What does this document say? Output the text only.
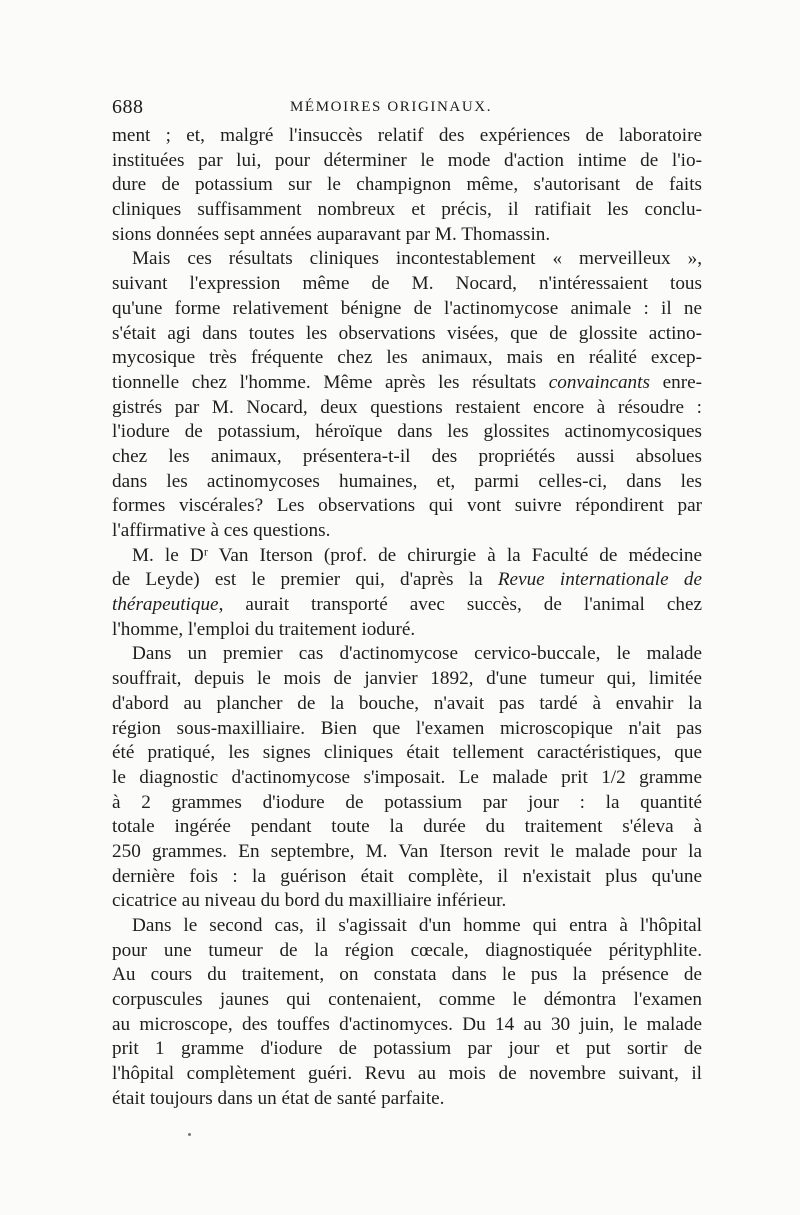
688	MÉMOIRES ORIGINAUX.
ment ; et, malgré l'insuccès relatif des expériences de laboratoire
instituées par lui, pour déterminer le mode d'action intime de l'io-
dure de potassium sur le champignon même, s'autorisant de faits
cliniques suffisamment nombreux et précis, il ratifiait les conclu-
sions données sept années auparavant par M. Thomassin.
Mais ces résultats cliniques incontestablement « merveilleux »,
suivant l'expression même de M. Nocard, n'intéressaient tous
qu'une forme relativement bénigne de l'actinomycose animale : il ne
s'était agi dans toutes les observations visées, que de glossite actino-
mycosique très fréquente chez les animaux, mais en réalité excep-
tionnelle chez l'homme. Même après les résultats convaincants enre-
gistrés par M. Nocard, deux questions restaient encore à résoudre :
l'iodure de potassium, héroïque dans les glossites actinomycosiques
chez les animaux, présentera-t-il des propriétés aussi absolues
dans les actinomycoses humaines, et, parmi celles-ci, dans les
formes viscérales? Les observations qui vont suivre répondirent par
l'affirmative à ces questions.
M. le Dʳ Van Iterson (prof. de chirurgie à la Faculté de médecine
de Leyde) est le premier qui, d'après la Revue internationale de
thérapeutique, aurait transporté avec succès, de l'animal chez
l'homme, l'emploi du traitement ioduré.
Dans un premier cas d'actinomycose cervico-buccale, le malade
souffrait, depuis le mois de janvier 1892, d'une tumeur qui, limitée
d'abord au plancher de la bouche, n'avait pas tardé à envahir la
région sous-maxilliaire. Bien que l'examen microscopique n'ait pas
été pratiqué, les signes cliniques était tellement caractéristiques, que
le diagnostic d'actinomycose s'imposait. Le malade prit 1/2 gramme
à 2 grammes d'iodure de potassium par jour : la quantité
totale ingérée pendant toute la durée du traitement s'éleva à
250 grammes. En septembre, M. Van Iterson revit le malade pour la
dernière fois : la guérison était complète, il n'existait plus qu'une
cicatrice au niveau du bord du maxilliaire inférieur.
Dans le second cas, il s'agissait d'un homme qui entra à l'hôpital
pour une tumeur de la région cœcale, diagnostiquée pérityphlite.
Au cours du traitement, on constata dans le pus la présence de
corpuscules jaunes qui contenaient, comme le démontra l'examen
au microscope, des touffes d'actinomyces. Du 14 au 30 juin, le malade
prit 1 gramme d'iodure de potassium par jour et put sortir de
l'hôpital complètement guéri. Revu au mois de novembre suivant, il
était toujours dans un état de santé parfaite.
